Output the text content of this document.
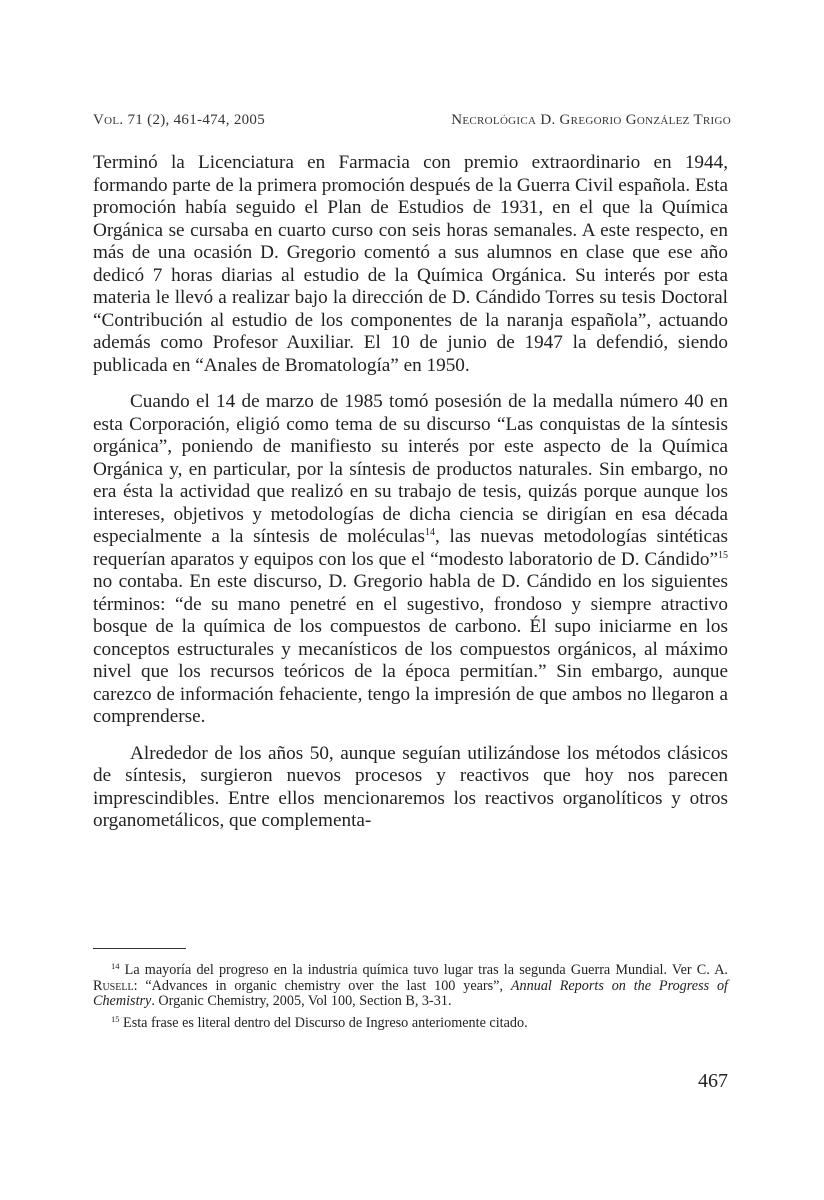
Vol. 71 (2), 461-474, 2005	Necrológica D. Gregorio González Trigo

Terminó la Licenciatura en Farmacia con premio extraordinario en 1944, formando parte de la primera promoción después de la Guerra Civil española. Esta promoción había seguido el Plan de Estudios de 1931, en el que la Química Orgánica se cursaba en cuarto curso con seis horas semanales. A este respecto, en más de una ocasión D. Gregorio comentó a sus alumnos en clase que ese año dedicó 7 horas diarias al estudio de la Química Orgánica. Su interés por esta materia le llevó a realizar bajo la dirección de D. Cándido Torres su tesis Doctoral “Contribución al estudio de los componentes de la naranja española”, actuando además como Profesor Auxiliar. El 10 de junio de 1947 la defendió, siendo publicada en “Anales de Bromatología” en 1950.

Cuando el 14 de marzo de 1985 tomó posesión de la medalla número 40 en esta Corporación, eligió como tema de su discurso “Las conquistas de la síntesis orgánica”, poniendo de manifiesto su interés por este aspecto de la Química Orgánica y, en particular, por la síntesis de productos naturales. Sin embargo, no era ésta la actividad que realizó en su trabajo de tesis, quizás porque aunque los intereses, objetivos y metodologías de dicha ciencia se dirigían en esa década especialmente a la síntesis de moléculas$^{14}$, las nuevas metodologías sintéticas requerían aparatos y equipos con los que el “modesto laboratorio de D. Cándido”$^{15}$ no contaba. En este discurso, D. Gregorio habla de D. Cándido en los siguientes términos: “de su mano penetré en el sugestivo, frondoso y siempre atractivo bosque de la química de los compuestos de carbono. Él supo iniciarme en los conceptos estructurales y mecanísticos de los compuestos orgánicos, al máximo nivel que los recursos teóricos de la época permitían.” Sin embargo, aunque carezco de información fehaciente, tengo la impresión de que ambos no llegaron a comprenderse.

Alrededor de los años 50, aunque seguían utilizándose los métodos clásicos de síntesis, surgieron nuevos procesos y reactivos que hoy nos parecen imprescindibles. Entre ellos mencionaremos los reactivos organolíticos y otros organometálicos, que complementa-

$^{14}$ La mayoría del progreso en la industria química tuvo lugar tras la segunda Guerra Mundial. Ver C. A. Rusell: “Advances in organic chemistry over the last 100 years”, Annual Reports on the Progress of Chemistry. Organic Chemistry, 2005, Vol 100, Section B, 3-31.

$^{15}$ Esta frase es literal dentro del Discurso de Ingreso anteriomente citado.

467
